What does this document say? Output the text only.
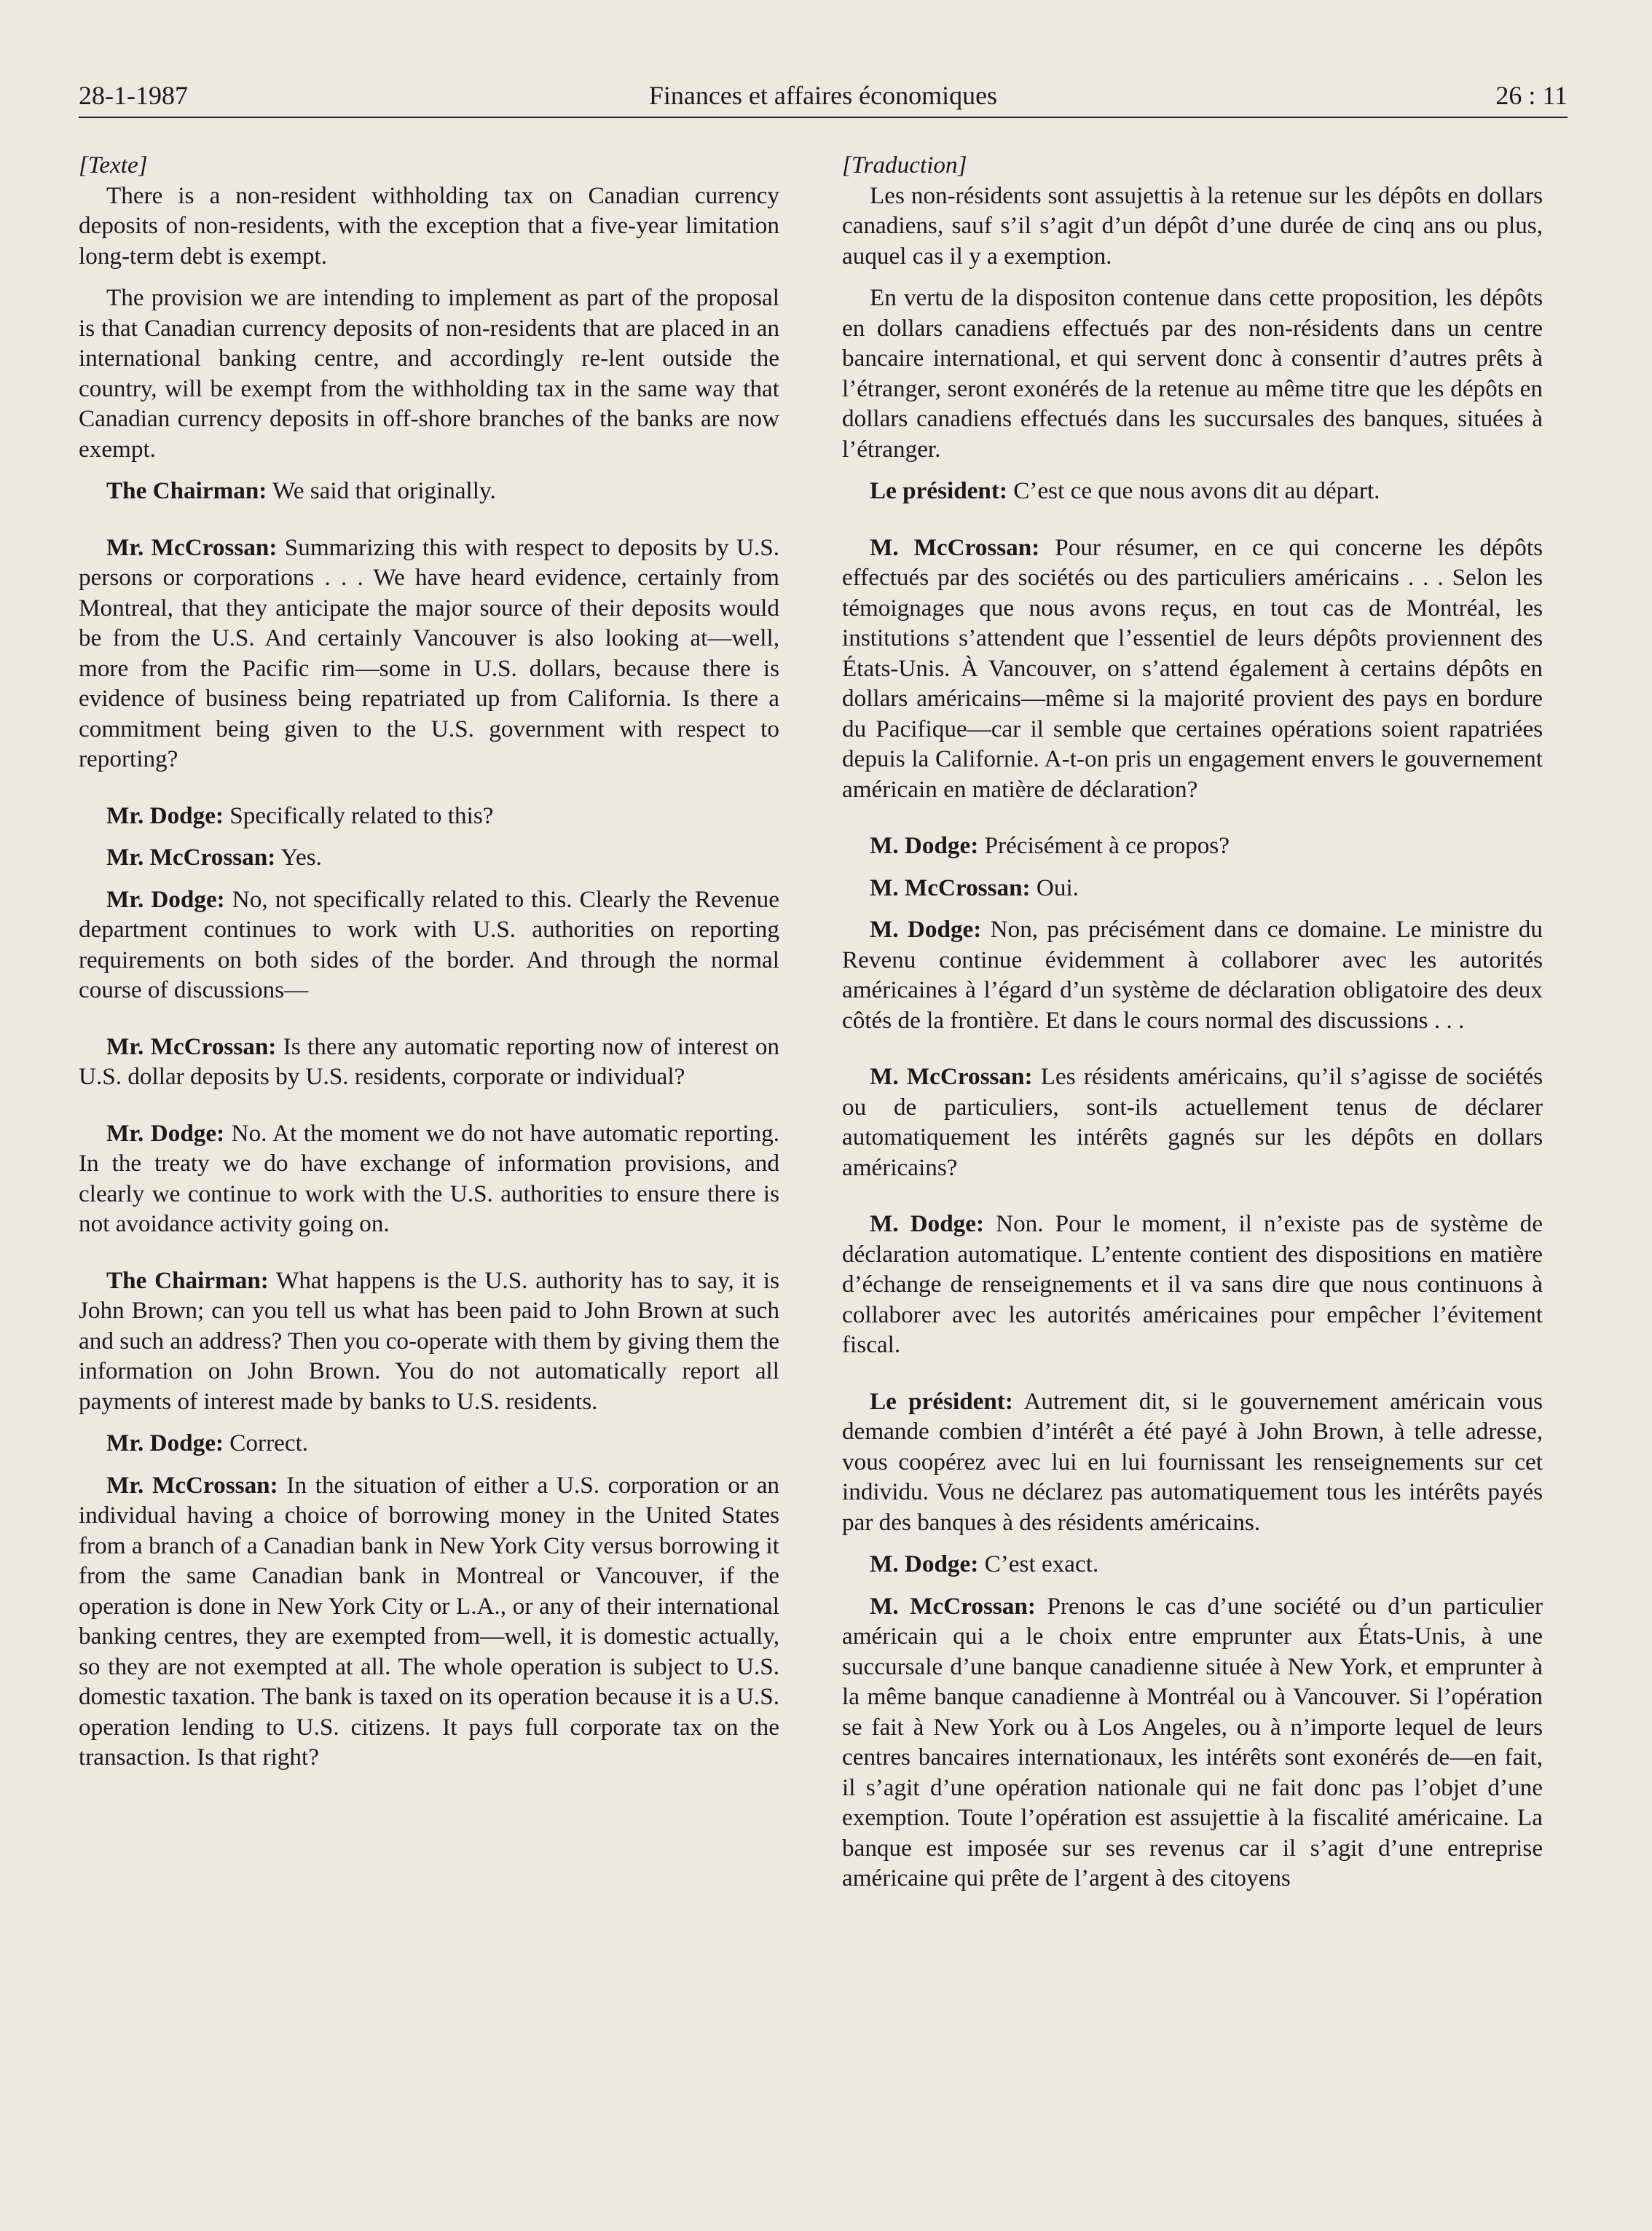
28-1-1987	Finances et affaires économiques	26 : 11

[Texte]

There is a non-resident withholding tax on Canadian currency deposits of non-residents, with the exception that a five-year limitation long-term debt is exempt.

The provision we are intending to implement as part of the proposal is that Canadian currency deposits of non-residents that are placed in an international banking centre, and accordingly re-lent outside the country, will be exempt from the withholding tax in the same way that Canadian currency deposits in off-shore branches of the banks are now exempt.

The Chairman: We said that originally.

Mr. McCrossan: Summarizing this with respect to deposits by U.S. persons or corporations . . . We have heard evidence, certainly from Montreal, that they anticipate the major source of their deposits would be from the U.S. And certainly Vancouver is also looking at—well, more from the Pacific rim—some in U.S. dollars, because there is evidence of business being repatriated up from California. Is there a commitment being given to the U.S. government with respect to reporting?

Mr. Dodge: Specifically related to this?

Mr. McCrossan: Yes.

Mr. Dodge: No, not specifically related to this. Clearly the Revenue department continues to work with U.S. authorities on reporting requirements on both sides of the border. And through the normal course of discussions—

Mr. McCrossan: Is there any automatic reporting now of interest on U.S. dollar deposits by U.S. residents, corporate or individual?

Mr. Dodge: No. At the moment we do not have automatic reporting. In the treaty we do have exchange of information provisions, and clearly we continue to work with the U.S. authorities to ensure there is not avoidance activity going on.

The Chairman: What happens is the U.S. authority has to say, it is John Brown; can you tell us what has been paid to John Brown at such and such an address? Then you co-operate with them by giving them the information on John Brown. You do not automatically report all payments of interest made by banks to U.S. residents.

Mr. Dodge: Correct.

Mr. McCrossan: In the situation of either a U.S. corporation or an individual having a choice of borrowing money in the United States from a branch of a Canadian bank in New York City versus borrowing it from the same Canadian bank in Montreal or Vancouver, if the operation is done in New York City or L.A., or any of their international banking centres, they are exempted from—well, it is domestic actually, so they are not exempted at all. The whole operation is subject to U.S. domestic taxation. The bank is taxed on its operation because it is a U.S. operation lending to U.S. citizens. It pays full corporate tax on the transaction. Is that right?

[Traduction]

Les non-résidents sont assujettis à la retenue sur les dépôts en dollars canadiens, sauf s’il s’agit d’un dépôt d’une durée de cinq ans ou plus, auquel cas il y a exemption.

En vertu de la dispositon contenue dans cette proposition, les dépôts en dollars canadiens effectués par des non-résidents dans un centre bancaire international, et qui servent donc à consentir d’autres prêts à l’étranger, seront exonérés de la retenue au même titre que les dépôts en dollars canadiens effectués dans les succursales des banques, situées à l’étranger.

Le président: C’est ce que nous avons dit au départ.

M. McCrossan: Pour résumer, en ce qui concerne les dépôts effectués par des sociétés ou des particuliers américains . . . Selon les témoignages que nous avons reçus, en tout cas de Montréal, les institutions s’attendent que l’essentiel de leurs dépôts proviennent des États-Unis. À Vancouver, on s’attend également à certains dépôts en dollars américains—même si la majorité provient des pays en bordure du Pacifique—car il semble que certaines opérations soient rapatriées depuis la Californie. A-t-on pris un engagement envers le gouvernement américain en matière de déclaration?

M. Dodge: Précisément à ce propos?

M. McCrossan: Oui.

M. Dodge: Non, pas précisément dans ce domaine. Le ministre du Revenu continue évidemment à collaborer avec les autorités américaines à l’égard d’un système de déclaration obligatoire des deux côtés de la frontière. Et dans le cours normal des discussions . . .

M. McCrossan: Les résidents américains, qu’il s’agisse de sociétés ou de particuliers, sont-ils actuellement tenus de déclarer automatiquement les intérêts gagnés sur les dépôts en dollars américains?

M. Dodge: Non. Pour le moment, il n’existe pas de système de déclaration automatique. L’entente contient des dispositions en matière d’échange de renseignements et il va sans dire que nous continuons à collaborer avec les autorités américaines pour empêcher l’évitement fiscal.

Le président: Autrement dit, si le gouvernement américain vous demande combien d’intérêt a été payé à John Brown, à telle adresse, vous coopérez avec lui en lui fournissant les renseignements sur cet individu. Vous ne déclarez pas automatiquement tous les intérêts payés par des banques à des résidents américains.

M. Dodge: C’est exact.

M. McCrossan: Prenons le cas d’une société ou d’un particulier américain qui a le choix entre emprunter aux États-Unis, à une succursale d’une banque canadienne située à New York, et emprunter à la même banque canadienne à Montréal ou à Vancouver. Si l’opération se fait à New York ou à Los Angeles, ou à n’importe lequel de leurs centres bancaires internationaux, les intérêts sont exonérés de—en fait, il s’agit d’une opération nationale qui ne fait donc pas l’objet d’une exemption. Toute l’opération est assujettie à la fiscalité américaine. La banque est imposée sur ses revenus car il s’agit d’une entreprise américaine qui prête de l’argent à des citoyens
